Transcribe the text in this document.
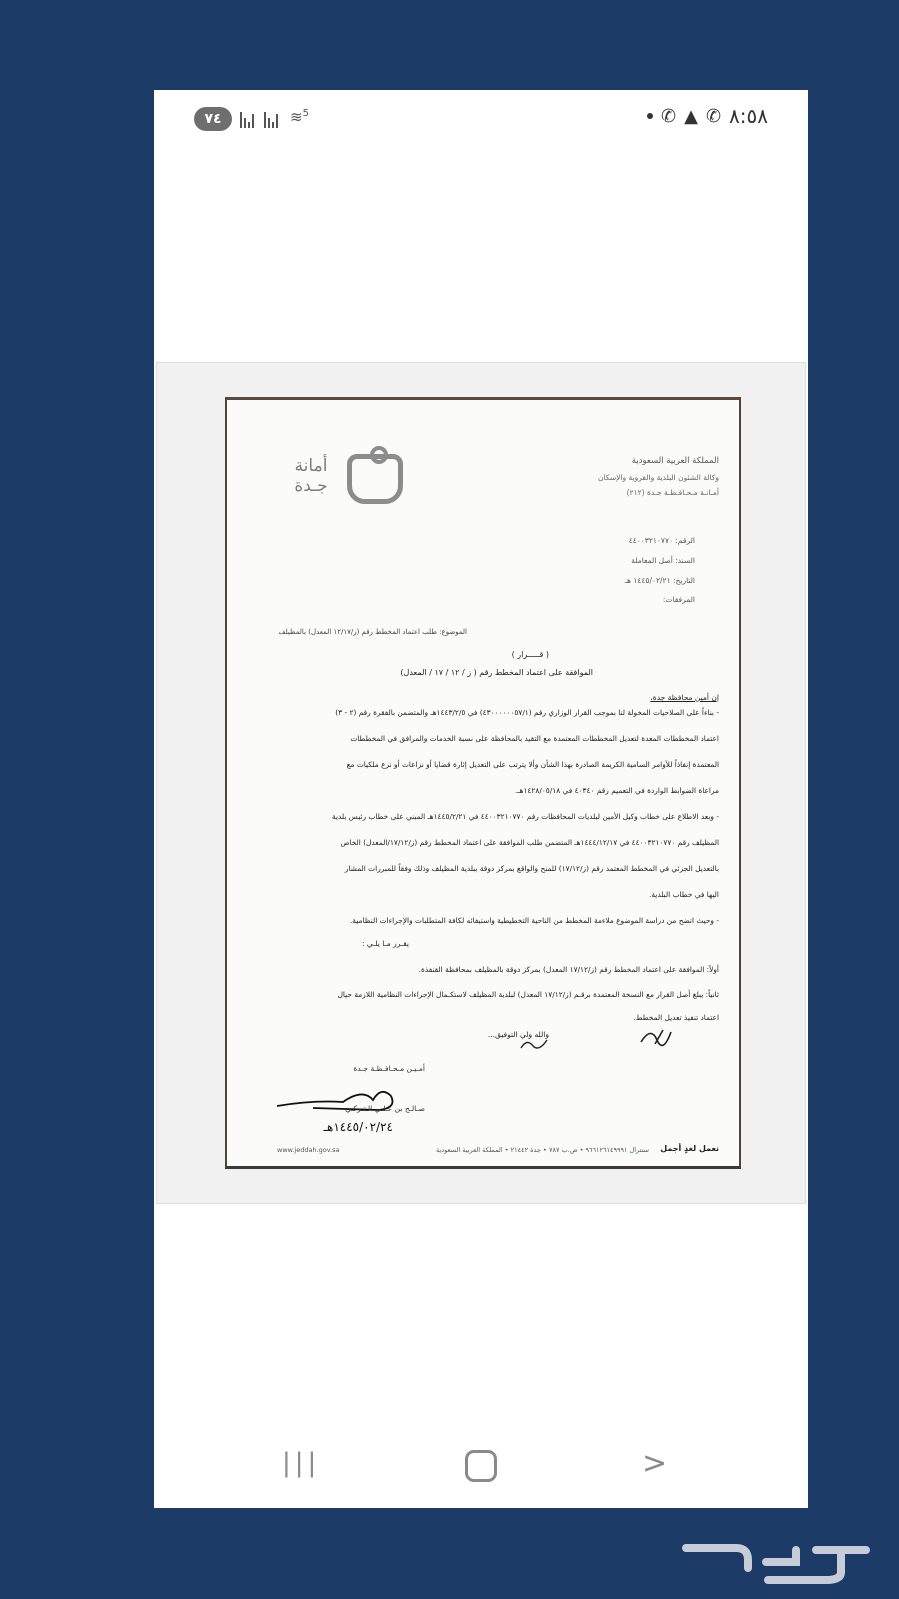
٧٤	≋$^5$	✆ ▲ ✆ ٨:٥٨
أمانة
جـدة
المملكة العربية السعودية
وكالة الشئون البلدية والقروية والإسكان
أمـانـة مـحـافـظـة جـدة (٢١٢)
الرقم: ٤٤٠٠٣٢١٠٧٧٠
السند: أصل المعاملة
التاريخ: ١٤٤٥/٠٢/٢١ هـ
المرفقات:
الموضوع: طلب اعتماد المخطط رقم (ز/١٢/١٧ المعدل) بالمظيلف
( قـــــرار )
الموافقة على اعتماد المخطط رقم ( ز / ١٢ / ١٧ / المعدل)
إن أمين محافظة جدة،
- بناءاً على الصلاحيات المخولة لنا بموجب القرار الوزاري رقم (٤٣٠٠٠٠٠٠٥٧/١) في ١٤٤٣/٢/٥هـ والمتضمن بالفقرة رقم (٢ - ٣)
اعتماد المخططات المعدة لتعديل المخططات المعتمدة مع التقيد بالمحافظة على نسبة الخدمات والمرافق في المخططات
المعتمدة إنفاذاً للأوامر السامية الكريمة الصادرة بهذا الشأن وألا يترتب على التعديل إثارة قضايا أو نزاعات أو نزع ملكيات مع
مراعاة الضوابط الواردة في التعميم رقم ٤٠٣٤٠ في ١٤٢٨/٠٥/١٨هـ.
- وبعد الاطلاع على خطاب وكيل الأمين لبلديات المحافظات رقم ٤٤٠٠٣٢١٠٧٧٠ في ١٤٤٥/٢/٢١هـ المبني على خطاب رئيس بلدية
المظيلف رقم ٤٤٠٠٣٢١٠٧٧٠ في ١٤٤٤/١٢/١٧هـ المتضمن طلب الموافقة على اعتماد المخطط رقم (ز/١٧/١٢/المعدل) الخاص
بالتعديل الجزئي في المخطط المعتمد رقم (ز/١٧/١٢) للمنح والواقع بمركز دوقة ببلدية المظيلف وذلك وفقاً للمبررات المشار
اليها في خطاب البلدية.
- وحيث اتضح من دراسة الموضوع ملاءمة المخطط من الناحية التخطيطية واستيفائه لكافة المتطلبات والإجراءات النظامية.
يقـرر مـا يلـي :
أولاً: الموافقة على اعتماد المخطط رقم (ز/١٧/١٢ المعدل) بمركز دوقة بالمظيلف بمحافظة القنفذة.
ثانياً: يبلغ أصل القرار مع النسخة المعتمدة برقـم (ز/١٧/١٢ المعدل) لبلدية المظيلف لاستكـمال الإجراءات النظامية اللازمة حيال
اعتماد تنفيذ تعديل المخطط.
والله ولي التوفيق...
أمـيـن مـحـافـظـة جـدة
صـالـح بن عـلـي الـتـركـي
١٤٤٥/٠٢/٢٤هـ
نعمل لغدٍ أجمل
سنترال ٩٦٦١٢٦١٤٩٩٩١ • ص.ب ٧٨٧ • جدة ٢١٤٤٢ • المملكة العربية السعودية
www.jeddah.gov.sa
|||	>
